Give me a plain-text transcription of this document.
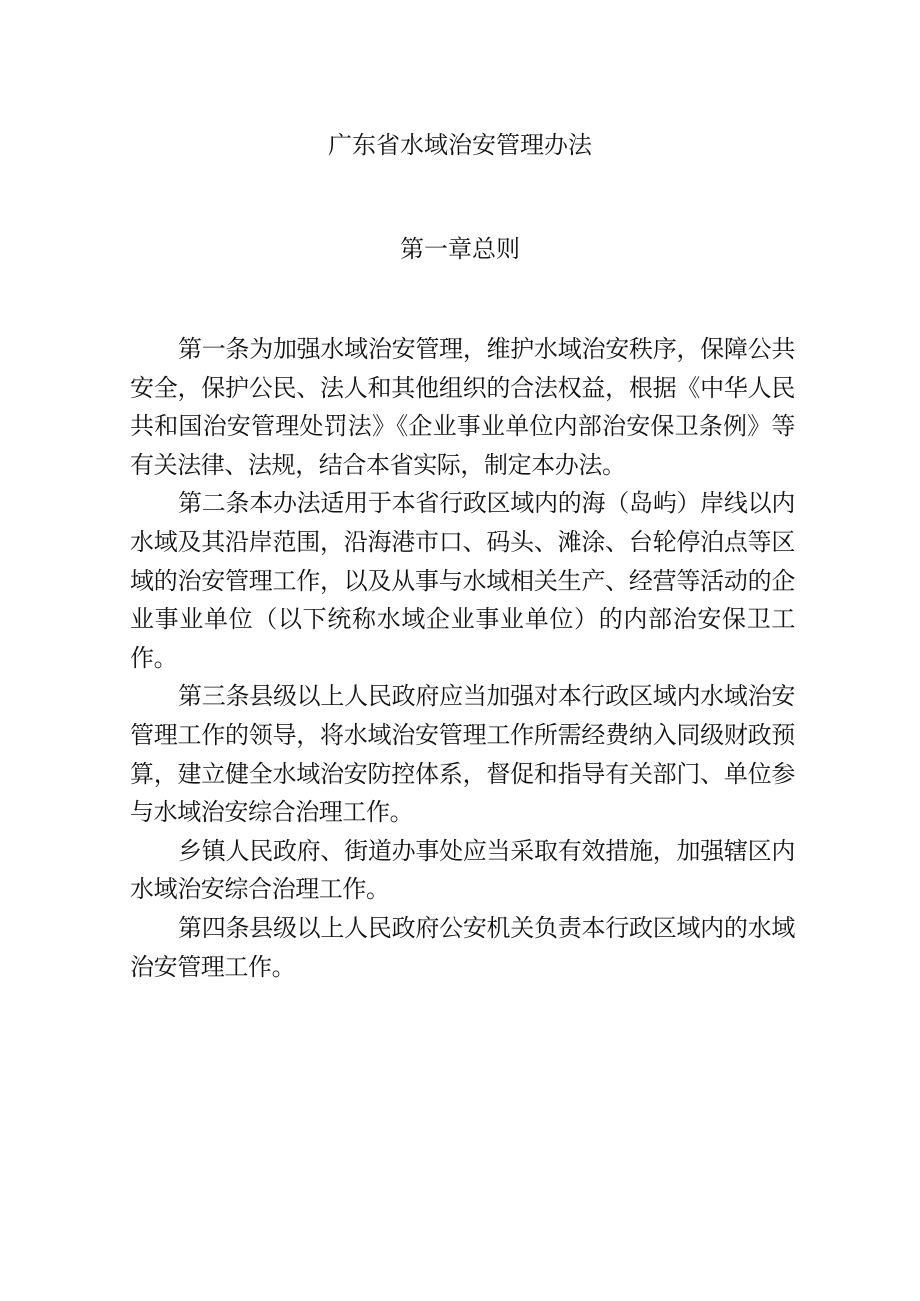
广东省水域治安管理办法
第一章总则

第一条为加强水域治安管理，维护水域治安秩序，保障公共安全，保护公民、法人和其他组织的合法权益，根据《中华人民共和国治安管理处罚法》《企业事业单位内部治安保卫条例》等有关法律、法规，结合本省实际，制定本办法。

第二条本办法适用于本省行政区域内的海（岛屿）岸线以内水域及其沿岸范围，沿海港市口、码头、滩涂、台轮停泊点等区域的治安管理工作，以及从事与水域相关生产、经营等活动的企业事业单位（以下统称水域企业事业单位）的内部治安保卫工作。

第三条县级以上人民政府应当加强对本行政区域内水域治安管理工作的领导，将水域治安管理工作所需经费纳入同级财政预算，建立健全水域治安防控体系，督促和指导有关部门、单位参与水域治安综合治理工作。

乡镇人民政府、街道办事处应当采取有效措施，加强辖区内水域治安综合治理工作。

第四条县级以上人民政府公安机关负责本行政区域内的水域治安管理工作。
